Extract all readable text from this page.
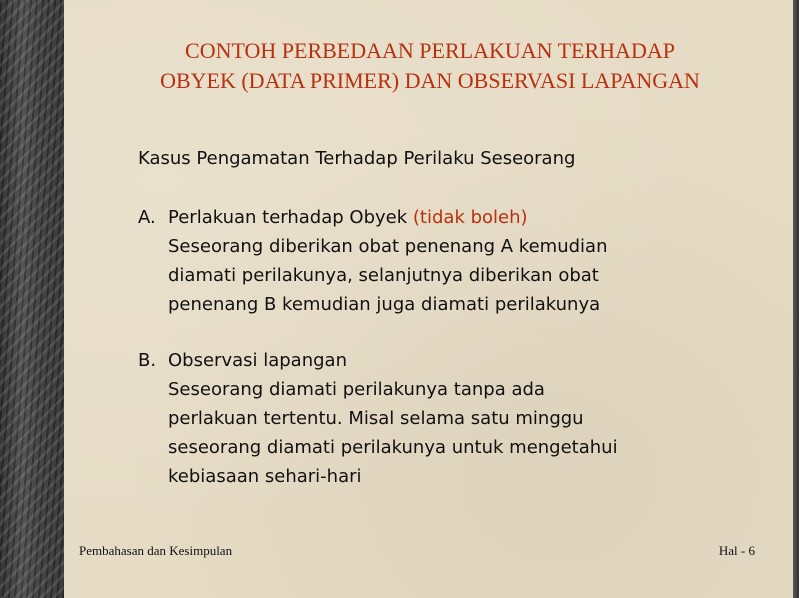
CONTOH PERBEDAAN PERLAKUAN TERHADAP
OBYEK (DATA PRIMER) DAN OBSERVASI LAPANGAN

Kasus Pengamatan Terhadap Perilaku Seseorang

A. Perlakuan terhadap Obyek (tidak boleh)
Seseorang diberikan obat penenang A kemudian
diamati perilakunya, selanjutnya diberikan obat
penenang B kemudian juga diamati perilakunya
B. Observasi lapangan
Seseorang diamati perilakunya tanpa ada
perlakuan tertentu. Misal selama satu minggu
seseorang diamati perilakunya untuk mengetahui
kebiasaan sehari-hari
Pembahasan dan Kesimpulan	Hal - 6
